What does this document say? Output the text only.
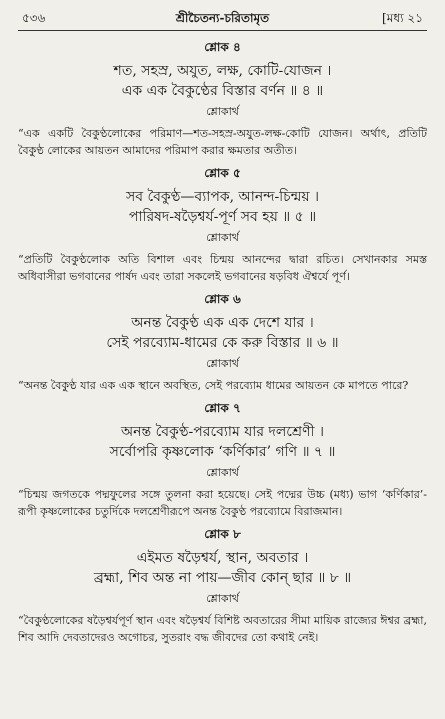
৫৩৬	শ্রীচৈতন্য-চরিতামৃত	[মধ্য ২১
শ্লোক ৪
শত, সহস্র, অযুত, লক্ষ, কোটি-যোজন ।
এক এক বৈকুণ্ঠের বিস্তার বর্ণন ॥ ৪ ॥
শ্লোকার্থ

“এক একটি বৈকুণ্ঠলোকের পরিমাণ—শত-সহস্র-অযুত-লক্ষ-কোটি যোজন। অর্থাৎ, প্রতিটি বৈকুণ্ঠ লোকের আয়তন আমাদের পরিমাপ করার ক্ষমতার অতীত।

শ্লোক ৫
সব বৈকুণ্ঠ—ব্যাপক, আনন্দ-চিন্ময় ।
পারিষদ-ষড়ৈশ্বর্য-পূর্ণ সব হয় ॥ ৫ ॥
শ্লোকার্থ

“প্রতিটি বৈকুণ্ঠলোক অতি বিশাল এবং চিন্ময় আনন্দের দ্বারা রচিত। সেখানকার সমস্ত অধিবাসীরা ভগবানের পার্ষদ এবং তারা সকলেই ভগবানের ষড়বিধ ঐশ্বর্যে পূর্ণ।

শ্লোক ৬
অনন্ত বৈকুণ্ঠ এক এক দেশে যার ।
সেই পরব্যোম-ধামের কে করু বিস্তার ॥ ৬ ॥
শ্লোকার্থ

“অনন্ত বৈকুণ্ঠ যার এক এক স্থানে অবস্থিত, সেই পরব্যোম ধামের আয়তন কে মাপতে পারে?

শ্লোক ৭
অনন্ত বৈকুণ্ঠ-পরব্যোম যার দলশ্রেণী ।
সর্বোপরি কৃষ্ণলোক ‘কর্ণিকার’ গণি ॥ ৭ ॥
শ্লোকার্থ

“চিন্ময় জগতকে পদ্মফুলের সঙ্গে তুলনা করা হয়েছে। সেই পদ্মের উচ্চ (মধ্য) ভাগ ‘কর্ণিকার’-রূপী কৃষ্ণলোকের চতুর্দিকে দলশ্রেণীরূপে অনন্ত বৈকুণ্ঠ পরব্যোমে বিরাজমান।

শ্লোক ৮
এইমত ষড়ৈশ্বর্য, স্থান, অবতার ।
ব্রহ্মা, শিব অন্ত না পায়—জীব কোন্ ছার ॥ ৮ ॥
শ্লোকার্থ

“বৈকুণ্ঠলোকের ষড়ৈশ্বর্যপূর্ণ স্থান এবং ষড়ৈশ্বর্য বিশিষ্ট অবতারের সীমা মায়িক রাজ্যের ঈশ্বর ব্রহ্মা, শিব আদি দেবতাদেরও অগোচর, সুতরাং বদ্ধ জীবদের তো কথাই নেই।
